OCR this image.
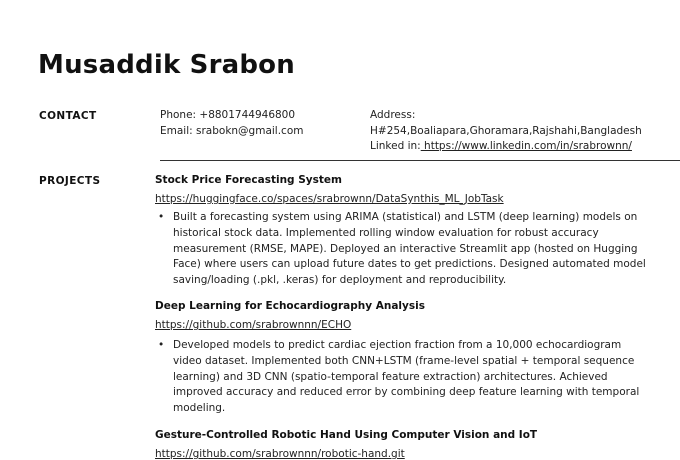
Musaddik Srabon
CONTACT	Phone: +8801744946800
Email: srabokn@gmail.com
Address:
H#254,Boaliapara,Ghoramara,Rajshahi,Bangladesh
Linked in: https://www.linkedin.com/in/srabrownn/
PROJECTS	Stock Price Forecasting System
https://huggingface.co/spaces/srabrownn/DataSynthis_ML_JobTask
• Built a forecasting system using ARIMA (statistical) and LSTM (deep learning) models on historical stock data. Implemented rolling window evaluation for robust accuracy measurement (RMSE, MAPE). Deployed an interactive Streamlit app (hosted on Hugging Face) where users can upload future dates to get predictions. Designed automated model saving/loading (.pkl, .keras) for deployment and reproducibility.

Deep Learning for Echocardiography Analysis
https://github.com/srabrownnn/ECHO
• Developed models to predict cardiac ejection fraction from a 10,000 echocardiogram video dataset. Implemented both CNN+LSTM (frame-level spatial + temporal sequence learning) and 3D CNN (spatio-temporal feature extraction) architectures. Achieved improved accuracy and reduced error by combining deep feature learning with temporal modeling.

Gesture-Controlled Robotic Hand Using Computer Vision and IoT
https://github.com/srabrownnn/robotic-hand.git
